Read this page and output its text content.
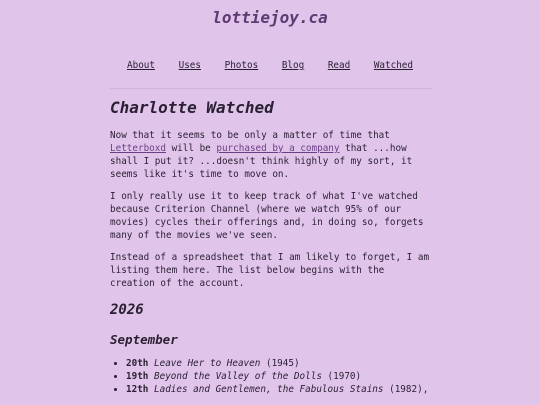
lottiejoy.ca
About	Uses	Photos	Blog	Read	Watched
Charlotte Watched

Now that it seems to be only a matter of time that Letterboxd will be purchased by a company that ...how shall I put it? ...doesn't think highly of my sort, it seems like it's time to move on.

I only really use it to keep track of what I've watched because Criterion Channel (where we watch 95% of our movies) cycles their offerings and, in doing so, forgets many of the movies we've seen.

Instead of a spreadsheet that I am likely to forget, I am listing them here. The list below begins with the creation of the account.

2026
September
• 20th Leave Her to Heaven (1945)
• 19th Beyond the Valley of the Dolls (1970)
• 12th Ladies and Gentlemen, the Fabulous Stains (1982),
